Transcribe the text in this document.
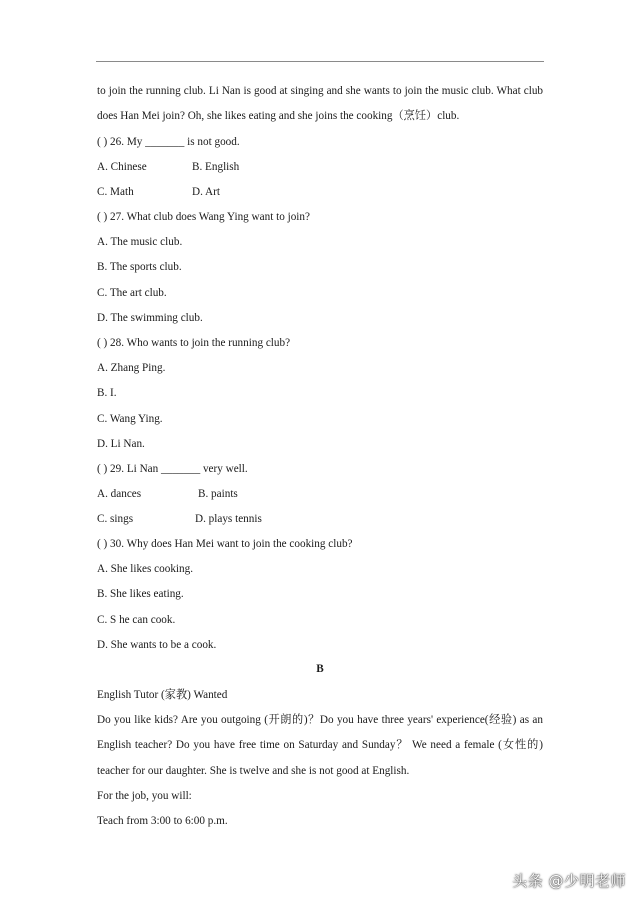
to join the running club. Li Nan is good at singing and she wants to join the music club. What club
does Han Mei join? Oh, she likes eating and she joins the cooking（烹饪）club.
( ) 26. My _______ is not good.
A. Chinese	B. English
C. Math	D. Art
( ) 27. What club does Wang Ying want to join?
A. The music club.
B. The sports club.
C. The art club.
D. The swimming club.
( ) 28. Who wants to join the running club?
A. Zhang Ping.
B. I.
C. Wang Ying.
D. Li Nan.
( ) 29. Li Nan _______ very well.
A. dances	B. paints
C. sings	D. plays tennis
( ) 30. Why does Han Mei want to join the cooking club?
A. She likes cooking.
B. She likes eating.
C. S he can cook.
D. She wants to be a cook.
B
English Tutor (家教) Wanted
Do you like kids? Are you outgoing (开朗的)？Do you have three years' experience(经验) as an
English teacher? Do you have free time on Saturday and Sunday？ We need a female (女性的)
teacher for our daughter. She is twelve and she is not good at English.
For the job, you will:
Teach from 3:00 to 6:00 p.m.
头条 @少明老师
